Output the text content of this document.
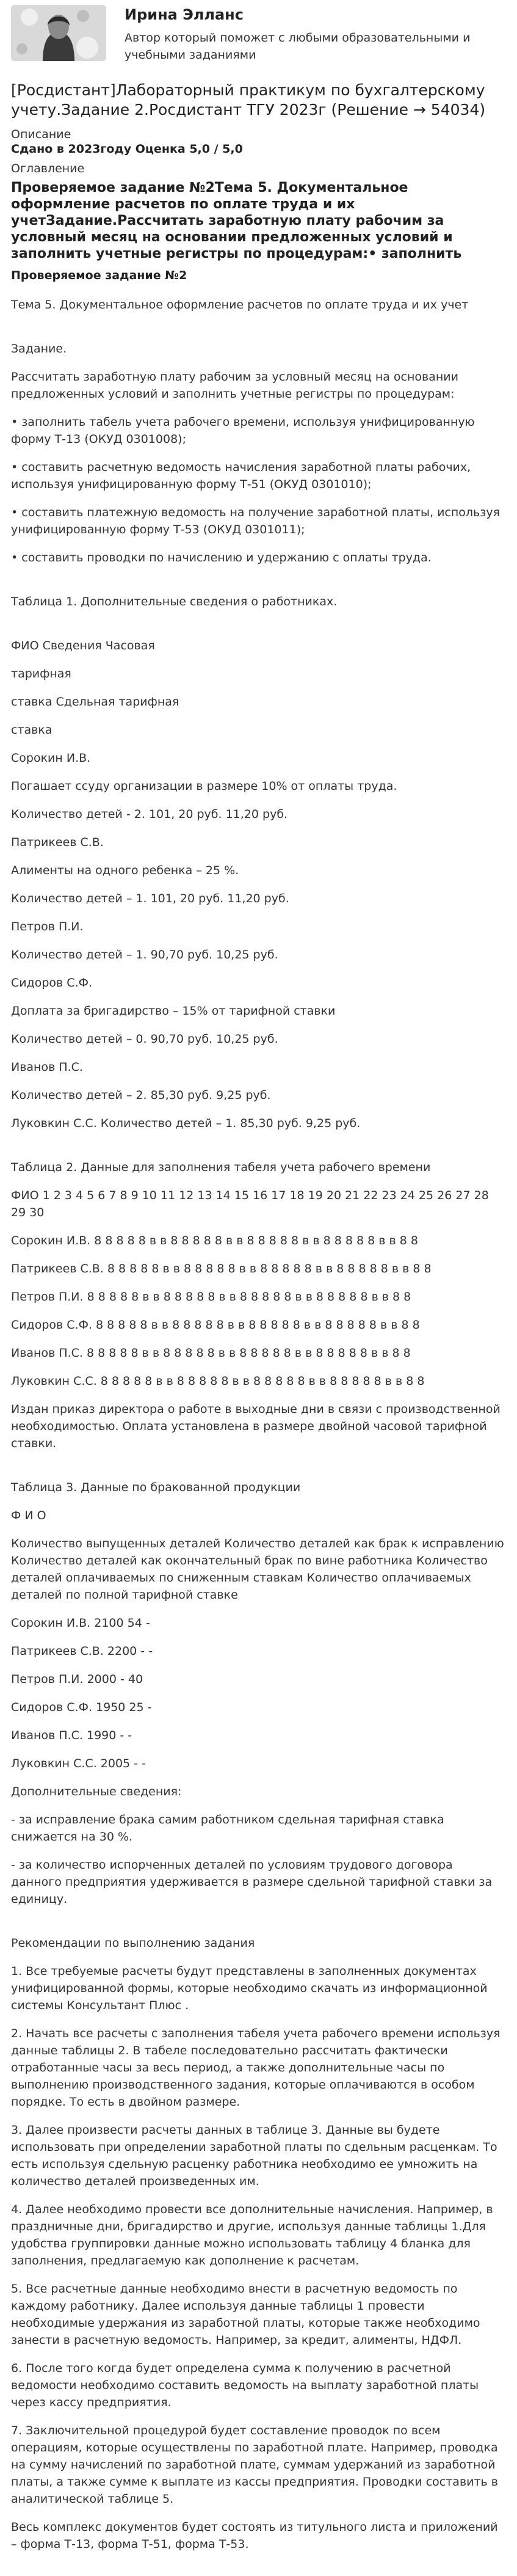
Ирина Элланс
Автор который поможет с любыми образовательными и учебными заданиями
[Росдистант]Лабораторный практикум по бухгалтерскому учету.Задание 2.Росдистант ТГУ 2023г (Решение → 54034)
Описание
Сдано в 2023году Оценка 5,0 / 5,0
Оглавление
Проверяемое задание №2Тема 5. Документальное оформление расчетов по оплате труда и их учетЗадание.Рассчитать заработную плату рабочим за условный месяц на основании предложенных условий и заполнить учетные регистры по процедурам:• заполнить
Проверяемое задание №2

Тема 5. Документальное оформление расчетов по оплате труда и их учет

Задание.

Рассчитать заработную плату рабочим за условный месяц на основании предложенных условий и заполнить учетные регистры по процедурам:

• заполнить табель учета рабочего времени, используя унифицированную форму Т-13 (ОКУД 0301008);

• составить расчетную ведомость начисления заработной платы рабочих, используя унифицированную форму Т-51 (ОКУД 0301010);

• составить платежную ведомость на получение заработной платы, используя унифицированную форму Т-53 (ОКУД 0301011);

• составить проводки по начислению и удержанию с оплаты труда.

Таблица 1. Дополнительные сведения о работниках.

ФИО Сведения Часовая

тарифная

ставка Сдельная тарифная

ставка

Сорокин И.В.

Погашает ссуду организации в размере 10% от оплаты труда.

Количество детей - 2. 101, 20 руб. 11,20 руб.

Патрикеев С.В.

Алименты на одного ребенка – 25 %.

Количество детей – 1. 101, 20 руб. 11,20 руб.

Петров П.И.

Количество детей – 1. 90,70 руб. 10,25 руб.

Сидоров С.Ф.

Доплата за бригадирство – 15% от тарифной ставки

Количество детей – 0. 90,70 руб. 10,25 руб.

Иванов П.С.

Количество детей – 2. 85,30 руб. 9,25 руб.

Луковкин С.С. Количество детей – 1. 85,30 руб. 9,25 руб.

Таблица 2. Данные для заполнения табеля учета рабочего времени

ФИО 1 2 3 4 5 6 7 8 9 10 11 12 13 14 15 16 17 18 19 20 21 22 23 24 25 26 27 28 29 30

Сорокин И.В. 8 8 8 8 8 в в 8 8 8 8 8 в в 8 8 8 8 8 в в 8 8 8 8 8 в в 8 8

Патрикеев С.В. 8 8 8 8 8 в в 8 8 8 8 8 в в 8 8 8 8 8 в в 8 8 8 8 8 в в 8 8

Петров П.И. 8 8 8 8 8 в в 8 8 8 8 8 в в 8 8 8 8 8 в в 8 8 8 8 8 в в 8 8

Сидоров С.Ф. 8 8 8 8 8 в в 8 8 8 8 8 в в 8 8 8 8 8 в в 8 8 8 8 8 в в 8 8

Иванов П.С. 8 8 8 8 8 в в 8 8 8 8 8 в в 8 8 8 8 8 в в 8 8 8 8 8 в в 8 8

Луковкин С.С. 8 8 8 8 8 в в 8 8 8 8 8 в в 8 8 8 8 8 в в 8 8 8 8 8 в в 8 8

Издан приказ директора о работе в выходные дни в связи с производственной необходимостью. Оплата установлена в размере двойной часовой тарифной ставки.

Таблица 3. Данные по бракованной продукции

Ф И О

Количество выпущенных деталей Количество деталей как брак к исправлению Количество деталей как окончательный брак по вине работника Количество деталей оплачиваемых по сниженным ставкам Количество оплачиваемых деталей по полной тарифной ставке

Сорокин И.В. 2100 54 -

Патрикеев С.В. 2200 - -

Петров П.И. 2000 - 40

Сидоров С.Ф. 1950 25 -

Иванов П.С. 1990 - -

Луковкин С.С. 2005 - -

Дополнительные сведения:

- за исправление брака самим работником сдельная тарифная ставка снижается на 30 %.

- за количество испорченных деталей по условиям трудового договора данного предприятия удерживается в размере сдельной тарифной ставки за единицу.

Рекомендации по выполнению задания

1. Все требуемые расчеты будут представлены в заполненных документах унифицированной формы, которые необходимо скачать из информационной системы Консультант Плюс .

2. Начать все расчеты с заполнения табеля учета рабочего времени используя данные таблицы 2. В табеле последовательно рассчитать фактически отработанные часы за весь период, а также дополнительные часы по выполнению производственного задания, которые оплачиваются в особом порядке. То есть в двойном размере.

3. Далее произвести расчеты данных в таблице 3. Данные вы будете использовать при определении заработной платы по сдельным расценкам. То есть используя сдельную расценку работника необходимо ее умножить на количество деталей произведенных им.

4. Далее необходимо провести все дополнительные начисления. Например, в праздничные дни, бригадирство и другие, используя данные таблицы 1.Для удобства группировки данные можно использовать таблицу 4 бланка для заполнения, предлагаемую как дополнение к расчетам.

5. Все расчетные данные необходимо внести в расчетную ведомость по каждому работнику. Далее используя данные таблицы 1 провести необходимые удержания из заработной платы, которые также необходимо занести в расчетную ведомость. Например, за кредит, алименты, НДФЛ.

6. После того когда будет определена сумма к получению в расчетной ведомости необходимо составить ведомость на выплату заработной платы через кассу предприятия.

7. Заключительной процедурой будет составление проводок по всем операциям, которые осуществлены по заработной плате. Например, проводка на сумму начислений по заработной плате, суммам удержаний из заработной платы, а также сумме к выплате из кассы предприятия. Проводки составить в аналитической таблице 5.

Весь комплекс документов будет состоять из титульного листа и приложений – форма Т-13, форма Т-51, форма Т-53.
